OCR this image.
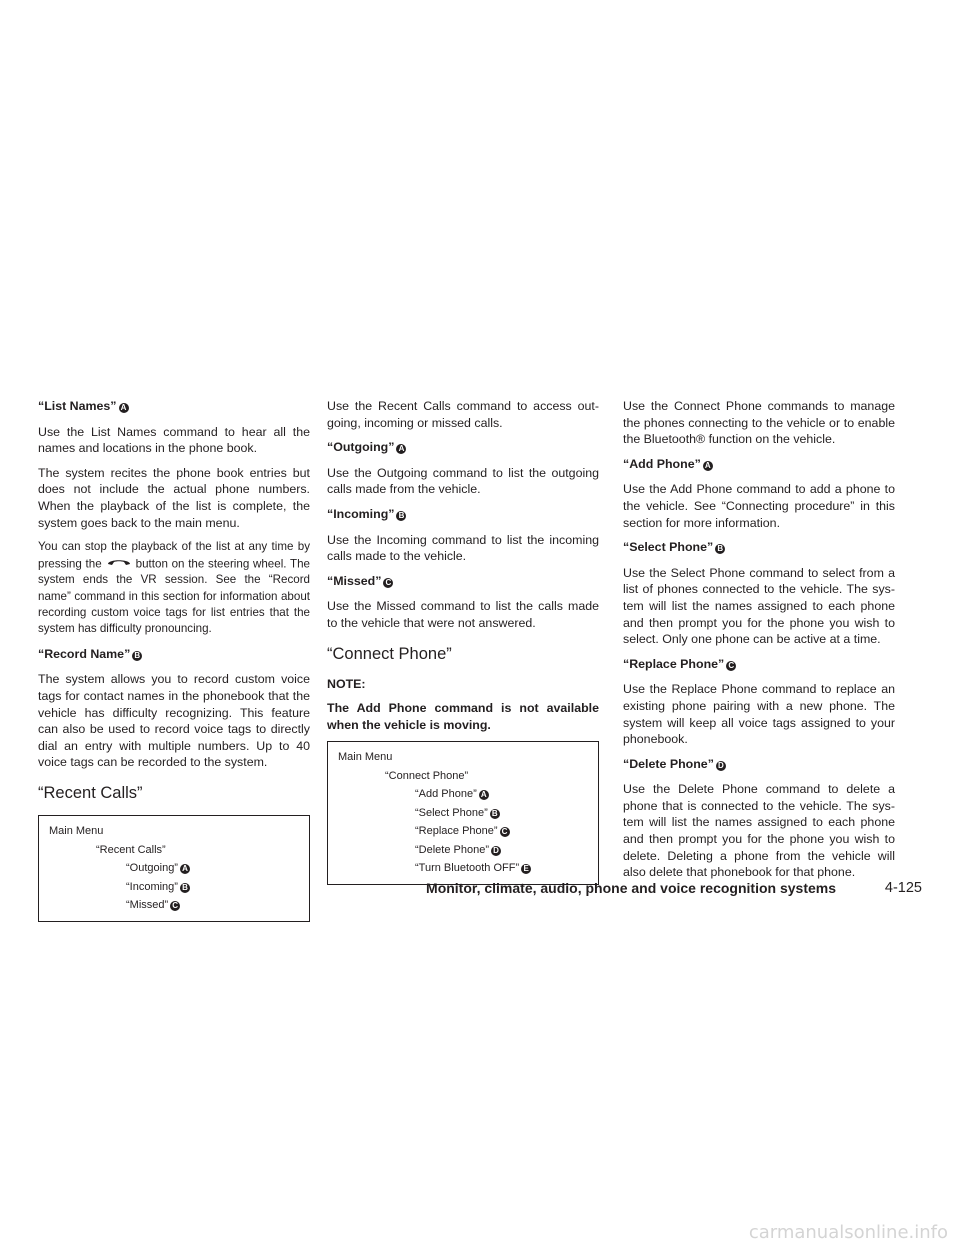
“List Names” A

Use the List Names command to hear all the names and locations in the phone book.

The system recites the phone book entries but does not include the actual phone numbers. When the playback of the list is complete, the system goes back to the main menu.

You can stop the playback of the list at any time by pressing the	button on the steering wheel. The system ends the VR session. See the “Record name” command in this section for information about recording custom voice tags for list entries that the system has difficulty pronouncing.

“Record Name” B

The system allows you to record custom voice tags for contact names in the phonebook that the vehicle has difficulty recognizing. This feature can also be used to record voice tags to directly dial an entry with multiple numbers. Up to 40 voice tags can be recorded to the system.

“Recent Calls”
Main Menu
“Recent Calls”
“Outgoing” A
“Incoming” B
“Missed” C

Use the Recent Calls command to access out-going, incoming or missed calls.

“Outgoing” A

Use the Outgoing command to list the outgoing calls made from the vehicle.

“Incoming” B

Use the Incoming command to list the incoming calls made to the vehicle.

“Missed” C

Use the Missed command to list the calls made to the vehicle that were not answered.

“Connect Phone”

NOTE:

The Add Phone command is not available when the vehicle is moving.

Main Menu
“Connect Phone”
“Add Phone” A
“Select Phone” B
“Replace Phone” C
“Delete Phone” D
“Turn Bluetooth OFF” E

Use the Connect Phone commands to manage the phones connecting to the vehicle or to enable the Bluetooth® function on the vehicle.

“Add Phone” A

Use the Add Phone command to add a phone to the vehicle. See “Connecting procedure” in this section for more information.

“Select Phone” B

Use the Select Phone command to select from a list of phones connected to the vehicle. The sys-tem will list the names assigned to each phone and then prompt you for the phone you wish to select. Only one phone can be active at a time.

“Replace Phone” C

Use the Replace Phone command to replace an existing phone pairing with a new phone. The system will keep all voice tags assigned to your phonebook.

“Delete Phone” D

Use the Delete Phone command to delete a phone that is connected to the vehicle. The sys-tem will list the names assigned to each phone and then prompt you for the phone you wish to delete. Deleting a phone from the vehicle will also delete that phonebook for that phone.

Monitor, climate, audio, phone and voice recognition systems	4-125
carmanualsonline.info
